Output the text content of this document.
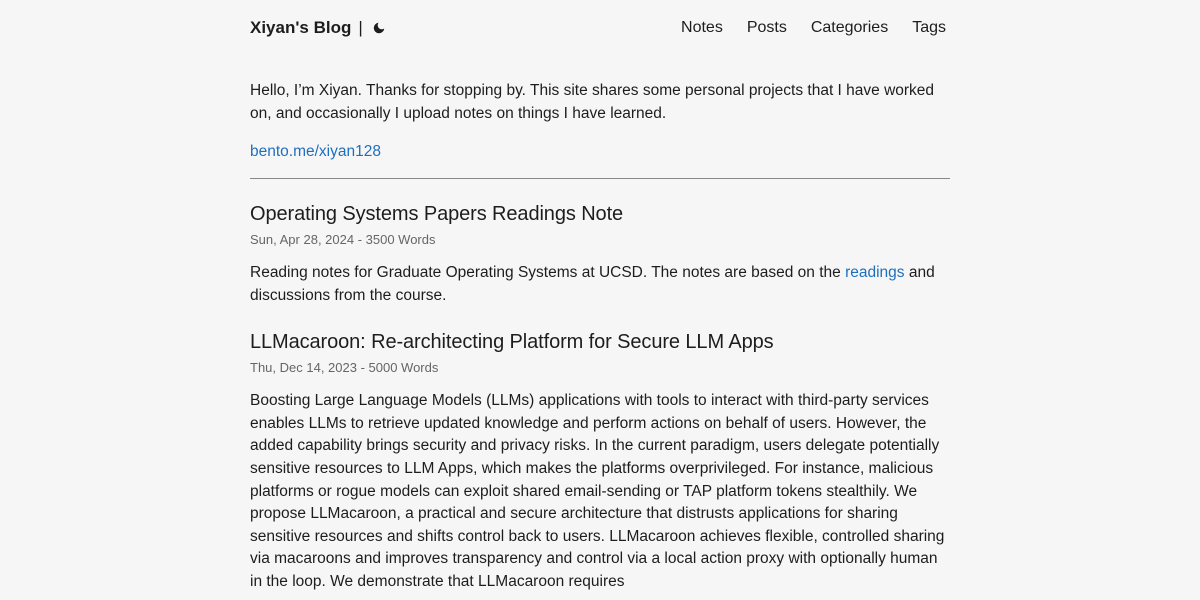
Xiyan's Blog |	Notes Posts Categories Tags

Hello, I’m Xiyan. Thanks for stopping by. This site shares some personal projects that I have worked on, and occasionally I upload notes on things I have learned.

bento.me/xiyan128
Operating Systems Papers Readings Note
Sun, Apr 28, 2024 - 3500 Words

Reading notes for Graduate Operating Systems at UCSD. The notes are based on the readings and discussions from the course.

LLMacaroon: Re-architecting Platform for Secure LLM Apps
Thu, Dec 14, 2023 - 5000 Words

Boosting Large Language Models (LLMs) applications with tools to interact with third-party services enables LLMs to retrieve updated knowledge and perform actions on behalf of users. However, the added capability brings security and privacy risks. In the current paradigm, users delegate potentially sensitive resources to LLM Apps, which makes the platforms overprivileged. For instance, malicious platforms or rogue models can exploit shared email-sending or TAP platform tokens stealthily. We propose LLMacaroon, a practical and secure architecture that distrusts applications for sharing sensitive resources and shifts control back to users. LLMacaroon achieves flexible, controlled sharing via macaroons and improves transparency and control via a local action proxy with optionally human in the loop. We demonstrate that LLMacaroon requires
